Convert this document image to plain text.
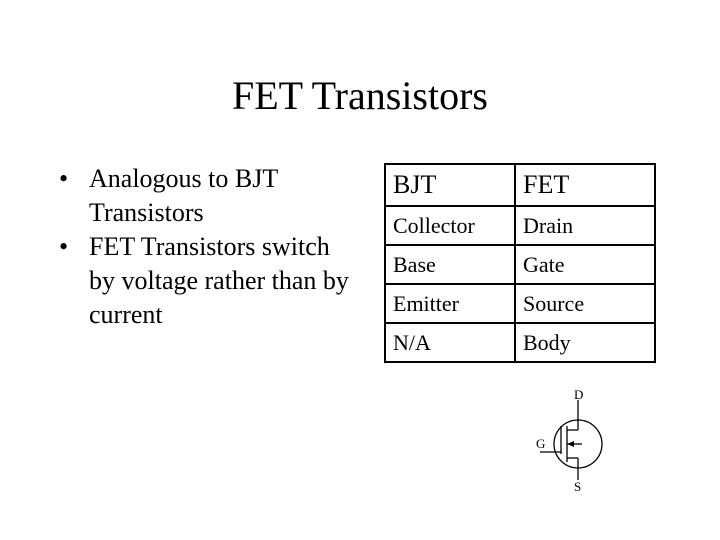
FET Transistors
• Analogous to BJT Transistors
• FET Transistors switch by voltage rather than by current
BJT	FET
Collector	Drain
Base	Gate
Emitter	Source
N/A	Body
D
G
S
